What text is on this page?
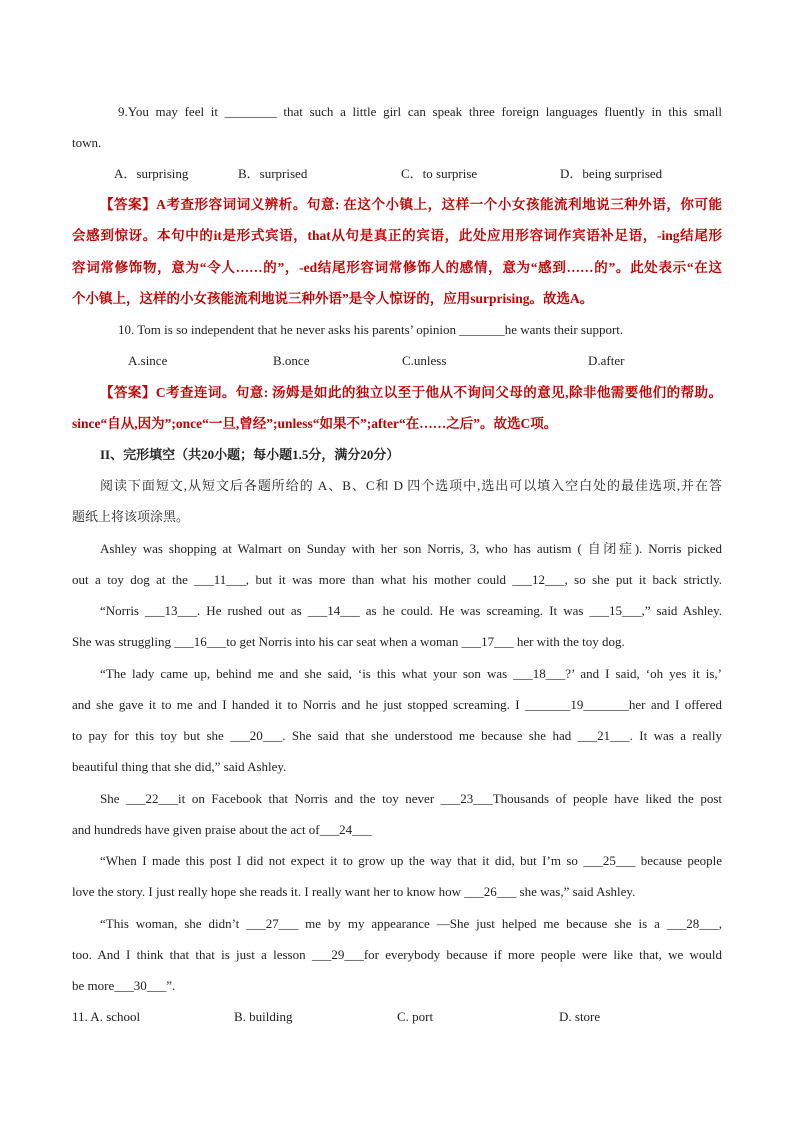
9.You may feel it ________ that such a little girl can speak three foreign languages fluently in this small
town.
A．surprising	B．surprised	C．to surprise	D．being surprised
【答案】A考查形容词词义辨析。句意: 在这个小镇上，这样一个小女孩能流利地说三种外语，你可能
会感到惊讶。本句中的it是形式宾语，that从句是真正的宾语，此处应用形容词作宾语补足语，-ing结尾形
容词常修饰物，意为“令人……的”，-ed结尾形容词常修饰人的感情，意为“感到……的”。此处表示“在这
个小镇上，这样的小女孩能流利地说三种外语”是令人惊讶的，应用surprising。故选A。
10. Tom is so independent that he never asks his parents’ opinion _______he wants their support.
A.since	B.once	C.unless	D.after
【答案】C考查连词。句意: 汤姆是如此的独立以至于他从不询问父母的意见,除非他需要他们的帮助。
since“自从,因为”;once“一旦,曾经”;unless“如果不”;after“在……之后”。故选C项。
II、完形填空（共20小题；每小题1.5分，满分20分）
阅读下面短文,从短文后各题所给的 A、B、C和 D 四个选项中,选出可以填入空白处的最佳选项,并在答
题纸上将该项涂黑。
Ashley was shopping at Walmart on Sunday with her son Norris, 3, who has autism ( 自闭症). Norris picked
out a toy dog at the ___11___, but it was more than what his mother could ___12___, so she put it back strictly.
“Norris ___13___. He rushed out as ___14___ as he could. He was screaming. It was ___15___,” said Ashley.
She was struggling ___16___to get Norris into his car seat when a woman ___17___ her with the toy dog.
“The lady came up, behind me and she said, ‘is this what your son was ___18___?’ and I said, ‘oh yes it is,’
and she gave it to me and I handed it to Norris and he just stopped screaming. I _______19_______her and I offered
to pay for this toy but she ___20___. She said that she understood me because she had ___21___. It was a really
beautiful thing that she did,” said Ashley.
She ___22___it on Facebook that Norris and the toy never ___23___Thousands of people have liked the post
and hundreds have given praise about the act of___24___
“When I made this post I did not expect it to grow up the way that it did, but I’m so ___25___ because people
love the story. I just really hope she reads it. I really want her to know how ___26___ she was,” said Ashley.
“This woman, she didn’t ___27___ me by my appearance —She just helped me because she is a ___28___,
too. And I think that that is just a lesson ___29___for everybody because if more people were like that, we would
be more___30___”.
11. A. school	B. building	C. port	D. store
